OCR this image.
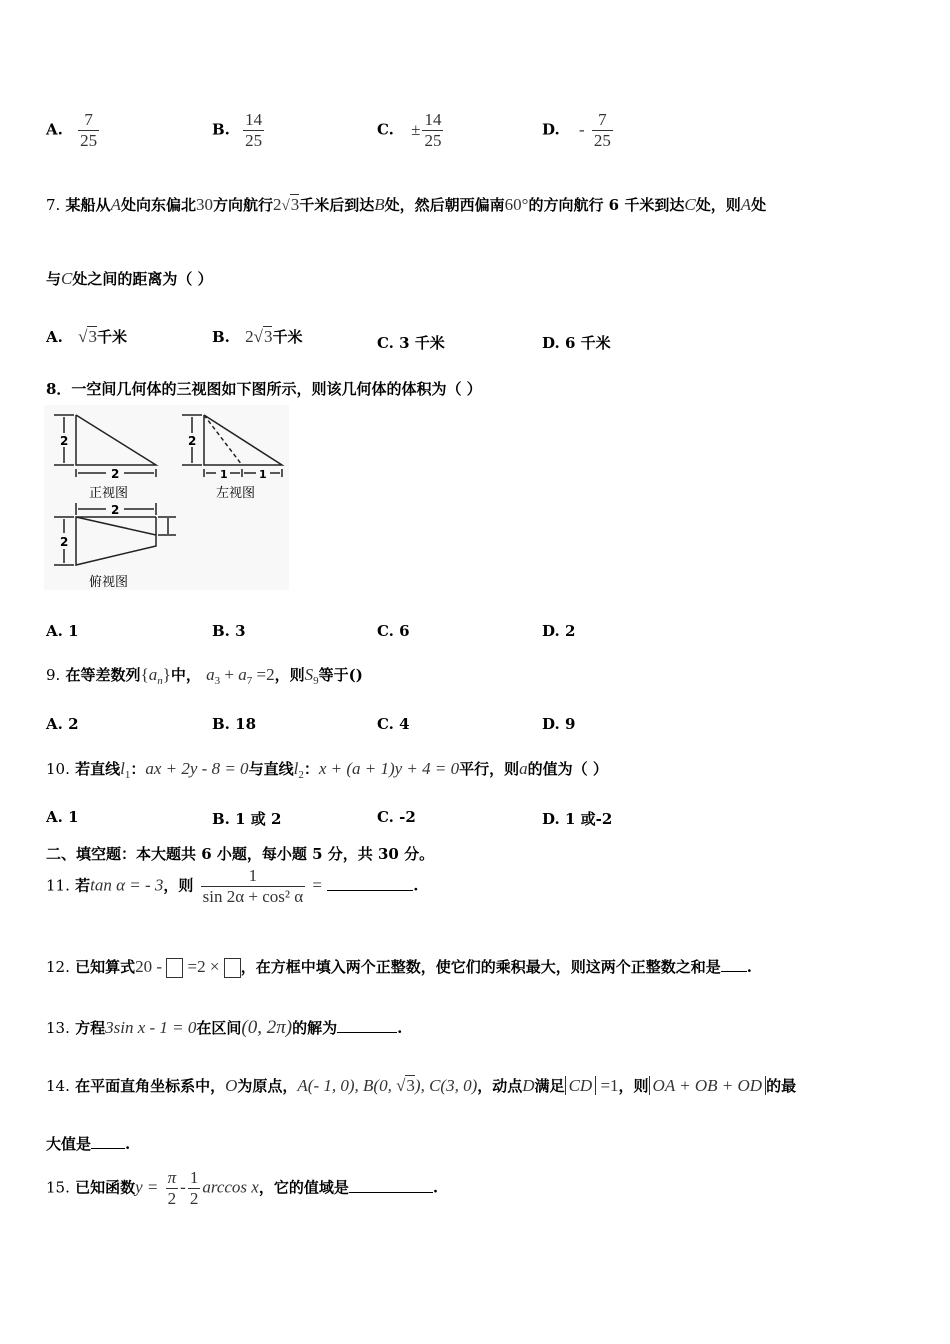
A. $\frac{7}{25}$	B. $\frac{14}{25}$	C. ± $\frac{14}{25}$	D. - $\frac{7}{25}$
7. 某船从A处向东偏北30方向航行2√3千米后到达B处，然后朝西偏南60°的方向航行 6 千米到达C处，则A处
与C处之间的距离为（ ）
A. √3千米	B. 2√3千米	C. 3 千米	D. 6 千米
8．一空间几何体的三视图如下图所示，则该几何体的体积为（ ）
2
2
正视图
2
1	1
左视图
2
2
俯视图
A. 1	B. 3	C. 6	D. 2
9. 在等差数列$\{a_n\}$中， $a_3 + a_7 =2$，则$S_9$等于()
A. 2	B. 18	C. 4	D. 9
10. 若直线$l_1$：ax + 2y - 8 = 0与直线$l_2$：x + (a + 1)y + 4 = 0平行，则a的值为（ ）
A. 1	B. 1 或 2	C. -2	D. 1 或-2
二、填空题：本大题共 6 小题，每小题 5 分，共 30 分。
11. 若tan α = - 3，则 $\frac{1}{\text{sin 2α + cos² α}}$ =	.
12. 已知算式20 -  =2 × ，在方框中填入两个正整数，使它们的乘积最大，则这两个正整数之和是 .
13. 方程3sin x - 1 = 0在区间(0, 2π)的解为	.
14. 在平面直角坐标系中，O为原点，A(- 1, 0), B(0, √3), C(3, 0)，动点D满足 CD =1，则 OA + OB + OD 的最
大值是 .
15. 已知函数$y = \frac{\pi}{2} - \frac{1}{2}$ arccos x，它的值域是	.
